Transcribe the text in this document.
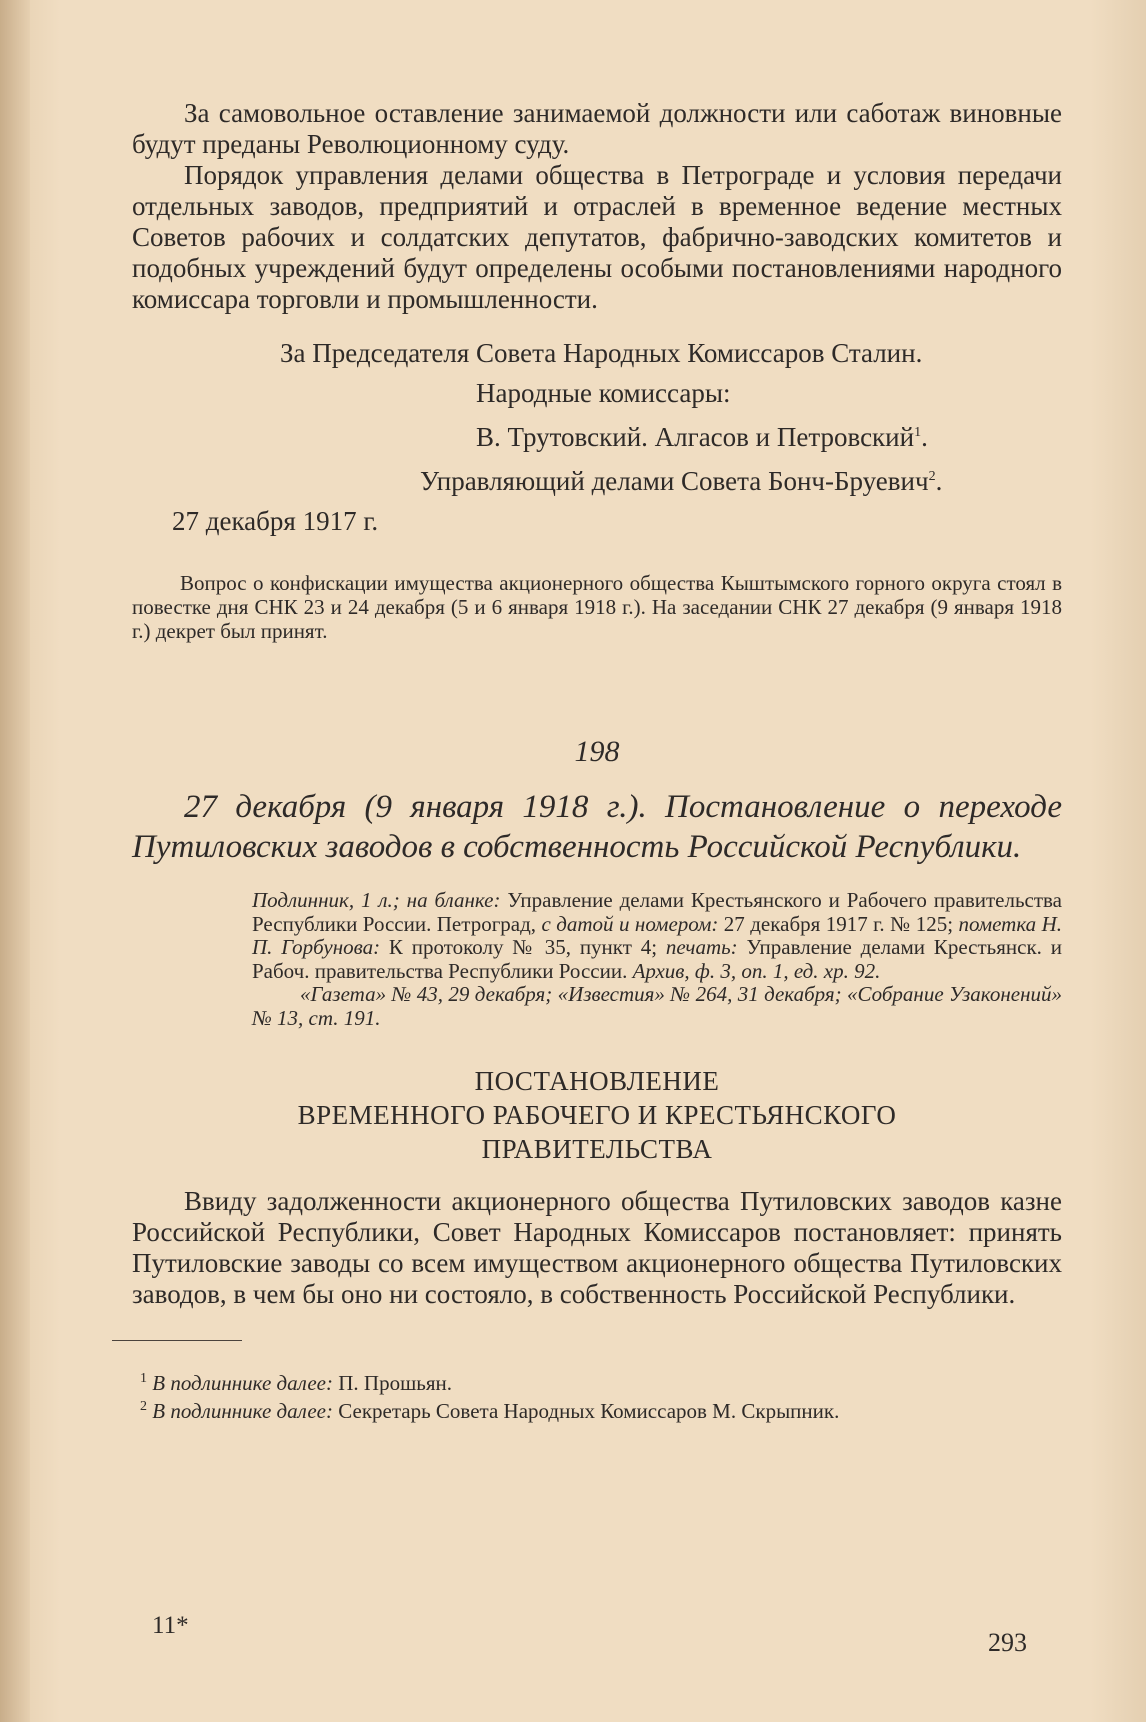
За самовольное оставление занимаемой должности или саботаж виновные будут преданы Революционному суду.

Порядок управления делами общества в Петрограде и условия передачи отдельных заводов, предприятий и отраслей в временное ведение местных Советов рабочих и солдатских депутатов, фабрично-заводских комитетов и подобных учреждений будут определены особыми постановлениями народного комиссара торговли и промышленности.

За Председателя Совета Народных Комиссаров Сталин.

Народные комиссары:

В. Трутовский. Алгасов и Петровский$^1$.

Управляющий делами Совета Бонч-Бруевич$^2$.

27 декабря 1917 г.

Вопрос о конфискации имущества акционерного общества Кыштымского горного округа стоял в повестке дня СНК 23 и 24 декабря (5 и 6 января 1918 г.). На заседании СНК 27 декабря (9 января 1918 г.) декрет был принят.

198

27 декабря (9 января 1918 г.). Постановление о переходе Путиловских заводов в собственность Российской Республики.

Подлинник, 1 л.; на бланке: Управление делами Крестьянского и Рабочего правительства Республики России. Петроград, с датой и номером: 27 декабря 1917 г. № 125; пометка Н. П. Горбунова: К протоколу № 35, пункт 4; печать: Управление делами Крестьянск. и Рабоч. правительства Республики России. Архив, ф. 3, оп. 1, ед. хр. 92.

«Газета» № 43, 29 декабря; «Известия» № 264, 31 декабря; «Собрание Узаконений» № 13, ст. 191.

ПОСТАНОВЛЕНИЕ
ВРЕМЕННОГО РАБОЧЕГО И КРЕСТЬЯНСКОГО
ПРАВИТЕЛЬСТВА

Ввиду задолженности акционерного общества Путиловских заводов казне Российской Республики, Совет Народных Комиссаров постановляет: принять Путиловские заводы со всем имуществом акционерного общества Путиловских заводов, в чем бы оно ни состояло, в собственность Российской Республики.

$^1$ В подлиннике далее: П. Прошьян.

$^2$ В подлиннике далее: Секретарь Совета Народных Комиссаров М. Скрыпник.

11*
293
